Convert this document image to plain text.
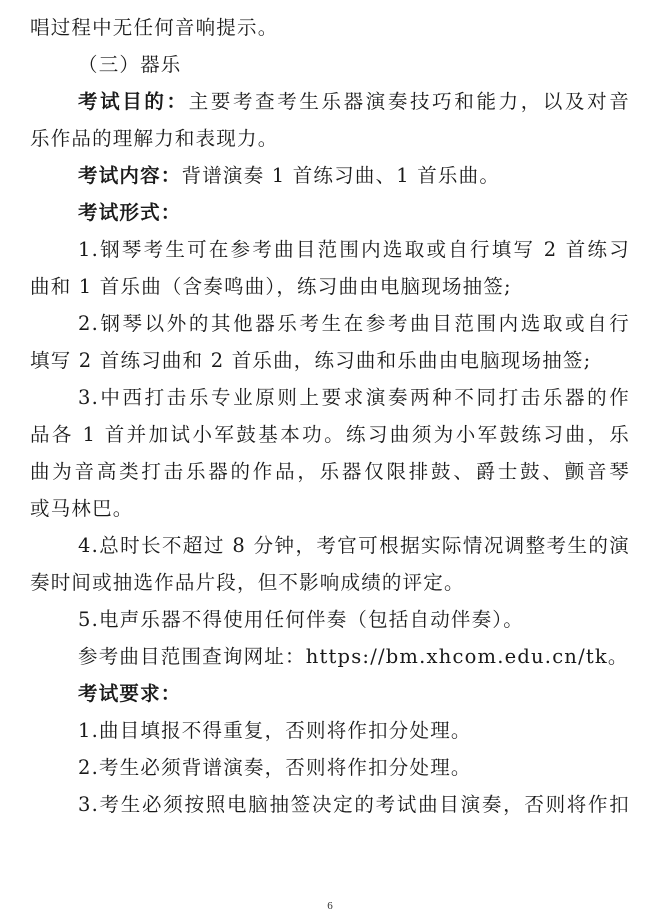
唱过程中无任何音响提示。
（三）器乐
考试目的：主要考查考生乐器演奏技巧和能力，以及对音
乐作品的理解力和表现力。
考试内容：背谱演奏 1 首练习曲、1 首乐曲。
考试形式：
1.钢琴考生可在参考曲目范围内选取或自行填写 2 首练习
曲和 1 首乐曲（含奏鸣曲），练习曲由电脑现场抽签;
2.钢琴以外的其他器乐考生在参考曲目范围内选取或自行
填写 2 首练习曲和 2 首乐曲，练习曲和乐曲由电脑现场抽签;
3.中西打击乐专业原则上要求演奏两种不同打击乐器的作
品各 1 首并加试小军鼓基本功。练习曲须为小军鼓练习曲，乐
曲为音高类打击乐器的作品，乐器仅限排鼓、爵士鼓、颤音琴
或马林巴。
4.总时长不超过 8 分钟，考官可根据实际情况调整考生的演
奏时间或抽选作品片段，但不影响成绩的评定。
5.电声乐器不得使用任何伴奏（包括自动伴奏）。
参考曲目范围查询网址：https://bm.xhcom.edu.cn/tk。
考试要求：
1.曲目填报不得重复，否则将作扣分处理。
2.考生必须背谱演奏，否则将作扣分处理。
3.考生必须按照电脑抽签决定的考试曲目演奏，否则将作扣
6
